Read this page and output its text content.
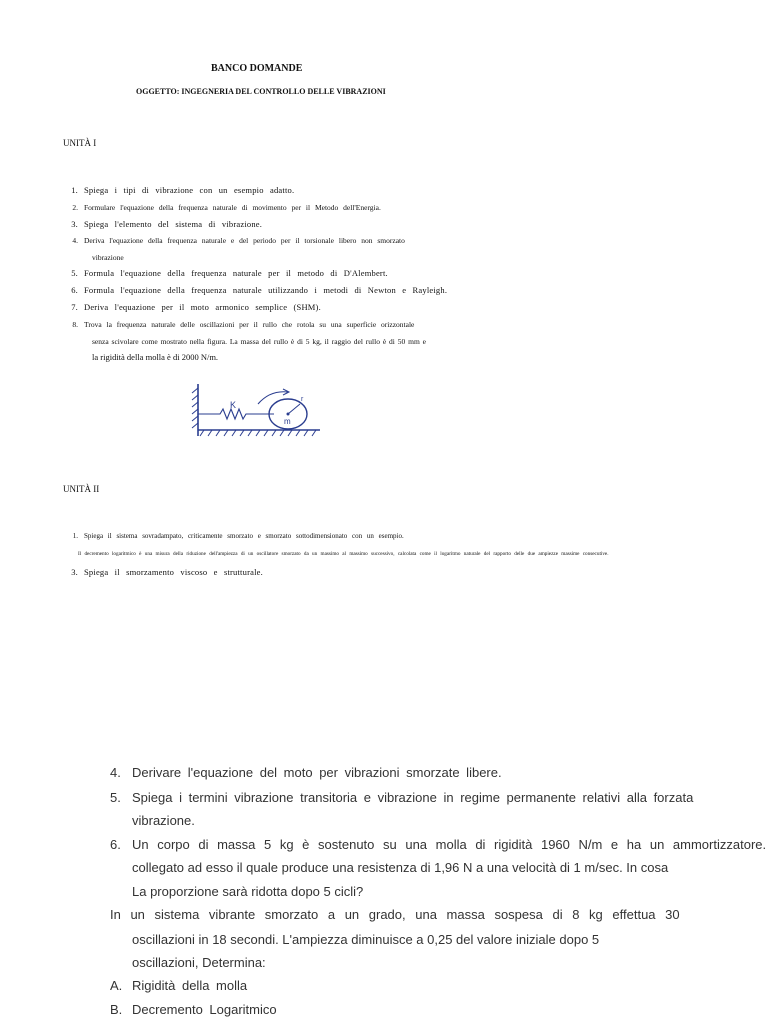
BANCO DOMANDE
OGGETTO: INGEGNERIA DEL CONTROLLO DELLE VIBRAZIONI
UNITÀ I
1. Spiega i tipi di vibrazione con un esempio adatto.
2. Formulare l'equazione della frequenza naturale di movimento per il Metodo dell'Energia.
3. Spiega l'elemento del sistema di vibrazione.
4. Deriva l'equazione della frequenza naturale e del periodo per il torsionale libero non smorzato
vibrazione
5. Formula l'equazione della frequenza naturale per il metodo di D'Alembert.
6. Formula l'equazione della frequenza naturale utilizzando i metodi di Newton e Rayleigh.
7. Deriva l'equazione per il moto armonico semplice (SHM).
8. Trova la frequenza naturale delle oscillazioni per il rullo che rotola su una superficie orizzontale
senza scivolare come mostrato nella figura. La massa del rullo è di 5 kg, il raggio del rullo è di 50 mm e
la rigidità della molla è di 2000 N/m.
K
m
r
UNITÀ II
1. Spiega il sistema sovradampato, criticamente smorzato e smorzato sottodimensionato con un esempio.
Il decremento logaritmico è una misura della riduzione dell'ampiezza di un oscillatore smorzato da un massimo al massimo successivo, calcolata come il logaritmo naturale del rapporto delle due ampiezze massime consecutive.
3. Spiega il smorzamento viscoso e strutturale.
4. Derivare l'equazione del moto per vibrazioni smorzate libere.
5. Spiega i termini vibrazione transitoria e vibrazione in regime permanente relativi alla forzata
vibrazione.
6. Un corpo di massa 5 kg è sostenuto su una molla di rigidità 1960 N/m e ha un ammortizzatore.
collegato ad esso il quale produce una resistenza di 1,96 N a una velocità di 1 m/sec. In cosa
La proporzione sarà ridotta dopo 5 cicli?
In un sistema vibrante smorzato a un grado, una massa sospesa di 8 kg effettua 30
oscillazioni in 18 secondi. L'ampiezza diminuisce a 0,25 del valore iniziale dopo 5
oscillazioni, Determina:
A. Rigidità della molla
B. Decremento Logaritmico
